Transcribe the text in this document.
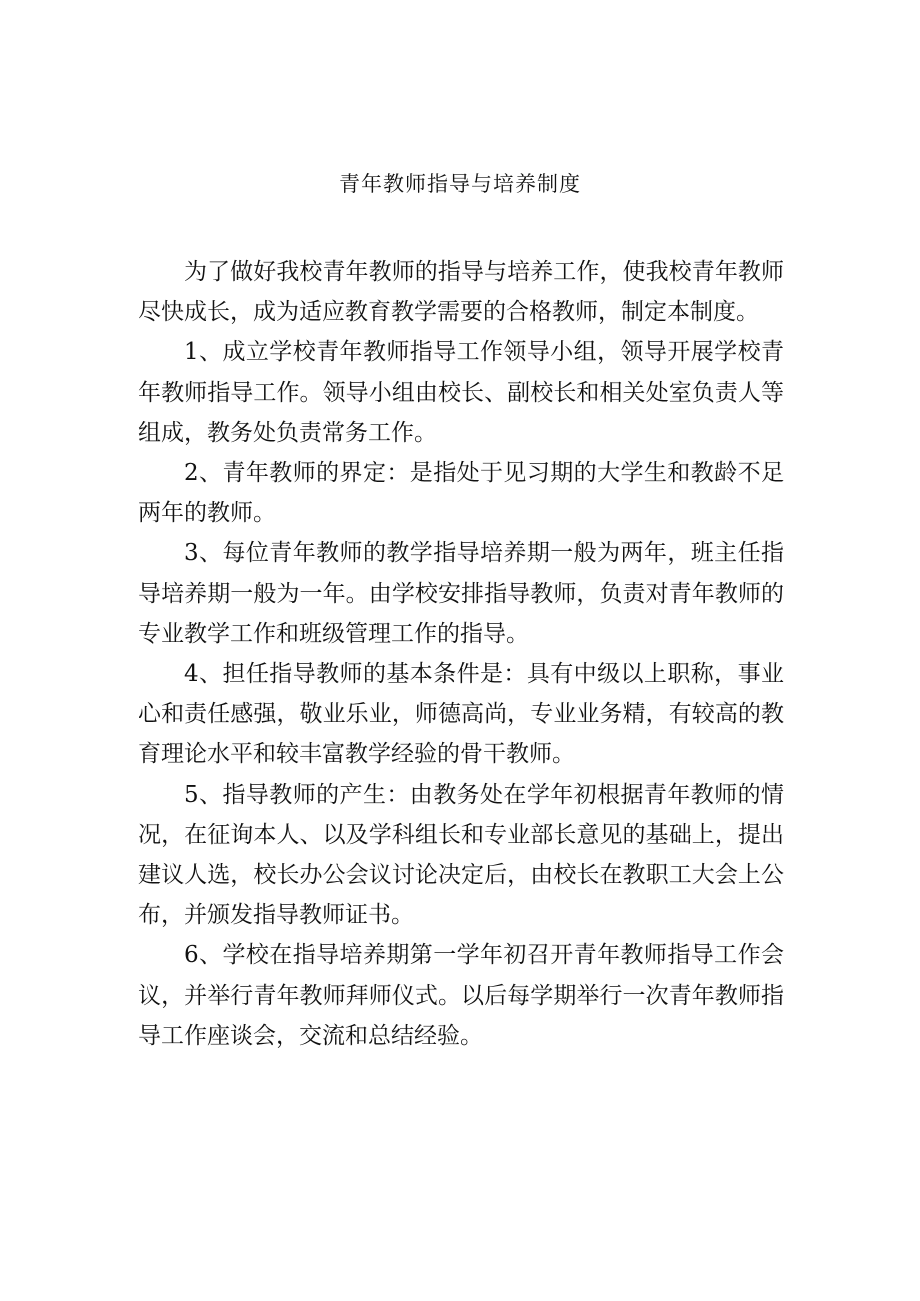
青年教师指导与培养制度

为了做好我校青年教师的指导与培养工作，使我校青年教师尽快成长，成为适应教育教学需要的合格教师，制定本制度。

1、成立学校青年教师指导工作领导小组，领导开展学校青年教师指导工作。领导小组由校长、副校长和相关处室负责人等组成，教务处负责常务工作。

2、青年教师的界定：是指处于见习期的大学生和教龄不足两年的教师。

3、每位青年教师的教学指导培养期一般为两年，班主任指导培养期一般为一年。由学校安排指导教师，负责对青年教师的专业教学工作和班级管理工作的指导。

4、担任指导教师的基本条件是：具有中级以上职称，事业心和责任感强，敬业乐业，师德高尚，专业业务精，有较高的教育理论水平和较丰富教学经验的骨干教师。

5、指导教师的产生：由教务处在学年初根据青年教师的情况，在征询本人、以及学科组长和专业部长意见的基础上，提出建议人选，校长办公会议讨论决定后，由校长在教职工大会上公布，并颁发指导教师证书。

6、学校在指导培养期第一学年初召开青年教师指导工作会议，并举行青年教师拜师仪式。以后每学期举行一次青年教师指导工作座谈会，交流和总结经验。
